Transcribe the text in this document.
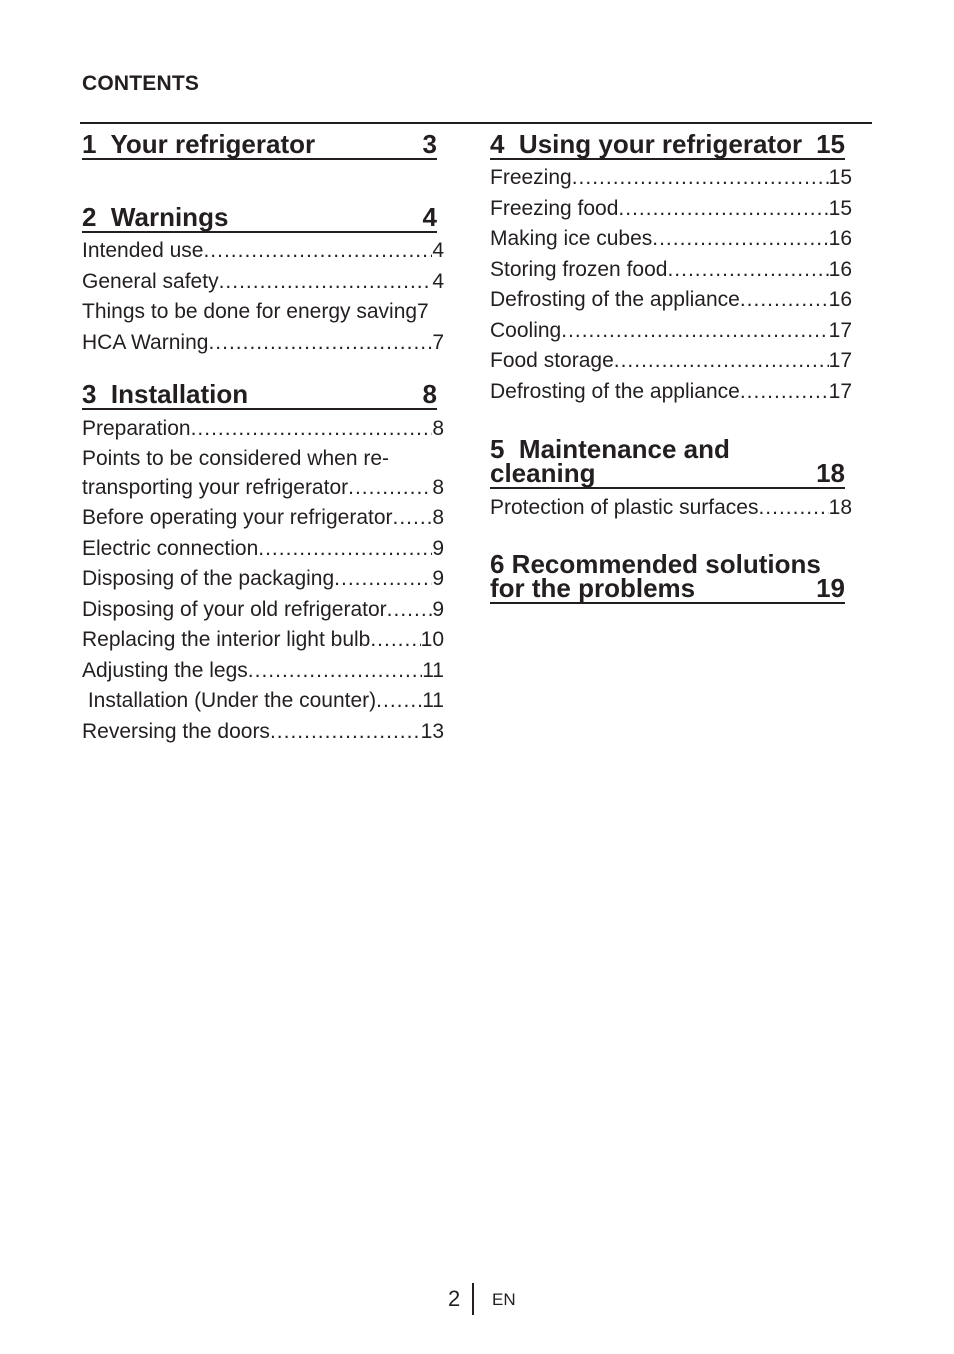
CONTENTS
1 Your refrigerator	3
2 Warnings	4
Intended use .....	4
General safety .....	4
Things to be done for energy saving 7
HCA Warning .....	7
3 Installation	8
Preparation .....	8
Points to be considered when re-
transporting your refrigerator .....	8
Before operating your refrigerator ..... 8
Electric connection .....	9
Disposing of the packaging .....	9
Disposing of your old refrigerator ..... 9
Replacing the interior light bulb ..... 10
Adjusting the legs .....	11
Installation (Under the counter) ..... 11
Reversing the doors .....	13
4 Using your refrigerator 15
Freezing .....	15
Freezing food .....	15
Making ice cubes .....	16
Storing frozen food .....	16
Defrosting of the appliance .....	16
Cooling .....	17
Food storage .....	17
Defrosting of the appliance .....	17
5 Maintenance and
cleaning	18
Protection of plastic surfaces .....	18
6 Recommended solutions
for the problems	19
2 EN
